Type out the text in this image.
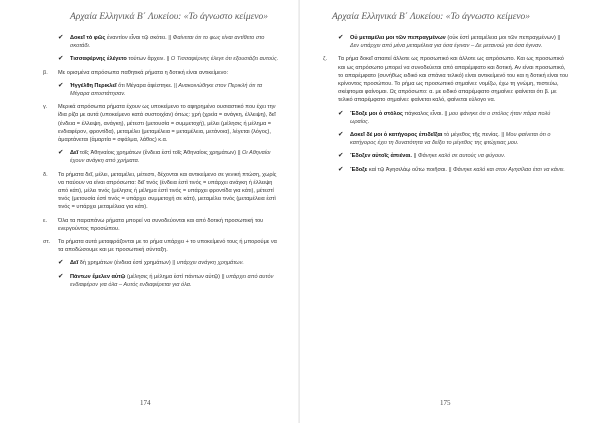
Αρχαία Ελληνικά Β΄ Λυκείου: «Το άγνωστο κείμενο»
✔ Δοκεῖ τὸ φῶς ἐναντίον εἶναι τῷ σκότει. || Φαίνεται ότι το φως είναι αντίθετο στο σκοτάδι.
✔ Τισσαφέρνης ἐλέγετο τούτων ἄρχειν. || Ο Τισσαφέρνης έλεγε ότι εξουσιάζει αυτούς.
β. Με ορισμένα απρόσωπα παθητικά ρήματα η δοτική είναι αντικείμενο:
✔ Ἠγγέλθη Περικλεῖ ὅτι Μέγαρα ἀφέστηκε. || Ανακοινώθηκε στον Περικλή ότι τα Μέγαρα αποστάτησαν.
γ. Μερικά απρόσωπα ρήματα έχουν ως υποκείμενο το αφηρημένο ουσιαστικό που έχει την ίδια ρίζα με αυτά (υποκείμενο κατά συστοιχίαν) όπως: χρή (χρεία = ανάγκη, έλλειψη), δεῖ (ένδεια = έλλειψη, ανάγκη), μέτεστι (μετουσία = συμμετοχή), μέλει (μέλησις ή μέλημα = ενδιαφέρον, φροντίδα), μεταμέλει (μεταμέλεια = μεταμέλεια, μετάνοια), λέγεται (λόγος), ἁμαρτάνεται (ἁμαρτία = σφάλμα, λάθος) κ.α.
✔ Δεῖ τοῖς Ἀθηναίοις χρημάτων (ἔνδεια ἐστὶ τοῖς Ἀθηναίοις χρημάτων) || Οι Αθηναίοι έχουν ανάγκη από χρήματα.
δ. Τα ρήματα δεῖ, μέλει, μεταμέλει, μέτεστι, δέχονται και αντικείμενο σε γενική πτώση, χωρίς να παύουν να είναι απρόσωπα: δεῖ τινός (ένδεια ἐστὶ τινός = υπάρχει ανάγκη ή έλλειψη από κάτι), μέλει τινός (μέλησις ή μέλημα ἐστὶ τινός = υπάρχει φροντίδα για κάτι), μέτεστί τινός (μετουσία ἐστὶ τινός = υπάρχει συμμετοχή σε κάτι), μεταμέλει τινός (μεταμέλεια ἐστὶ τινός = υπάρχει μεταμέλεια για κάτι).
ε. Όλα τα παραπάνω ρήματα μπορεί να συνοδεύονται και από δοτική προσωπική του ενεργούντος προσώπου.
στ. Τα ρήματα αυτά μεταφράζονται με το ρήμα υπάρχει + το υποκείμενό τους ή μπορούμε να τα αποδώσουμε και με προσωπική σύνταξη.
✔ Δεῖ δὴ χρημάτων (ένδεια ἐστὶ χρημάτων) || υπάρχει ανάγκη χρημάτων.
✔ Πάντων ἔμελεν αὐτῷ (μέλησις ή μέλημα ἐστὶ πάντων αὐτῷ) || υπάρχει από αυτόν ενδιαφέρον για όλα – Αυτός ενδιαφέρεται για όλα.
174
Αρχαία Ελληνικά Β΄ Λυκείου: «Το άγνωστο κείμενο»
✔ Οὐ μεταμέλει μοι τῶν πεπραγμένων (οὐκ ἐστὶ μεταμέλεια μοι τῶν πεπραγμένων) || Δεν υπάρχει από μένα μεταμέλεια για όσα έγιναν – Δε μετανοώ για όσα έγιναν.
ζ. Τα ρήμα δοκεῖ απαιτεί άλλοτε ως προσωπικό και άλλοτε ως απρόσωπο. Και ως προσωπικό και ως απρόσωπο μπορεί να συνοδεύεται από απαρέμφατο και δοτική. Αν είναι προσωπικό, το απαρέμφατο (συνήθως ειδικό και σπάνια τελικό) είναι αντικείμενό του και η δοτική είναι του κρίνοντος προσώπου. Το ρήμα ως προσωπικό σημαίνει: νομίζω, έχω τη γνώμη, πιστεύω, σκέφτομαι φαίνομαι. Ως απρόσωπο: α. με ειδικό απαρέμφατο σημαίνει: φαίνεται ότι β. με τελικό απαρέμφατο σημαίνει: φαίνεται καλό, φαίνεται εύλογο να.
✔ Ἔδοξε μοι ὁ στόλος πάγκαλος εἶναι. || μου φάνηκε ότι ο στόλος ήταν πάρα πολύ ωραίος.
✔ Δοκεῖ δέ μοι ὁ κατήγορος ἐπιδεῖξαι τὸ μέγεθος τῆς πενίας. || Μου φαίνεται ότι ο κατήγορος έχει τη δυνατότητα να δείξει το μέγεθος της φτώχειας μου.
✔ Ἔδοξεν αὐτοῖς ἀπιέναι. || Φάνηκε καλό σε αυτούς να φύγουν.
✔ Ἔδοξε καὶ τῷ Ἀγησιλάῳ οὕτω ποιῆσαι. || Φάνηκε καλό και στον Αγησίλαο έτσι να κάνει.
175
